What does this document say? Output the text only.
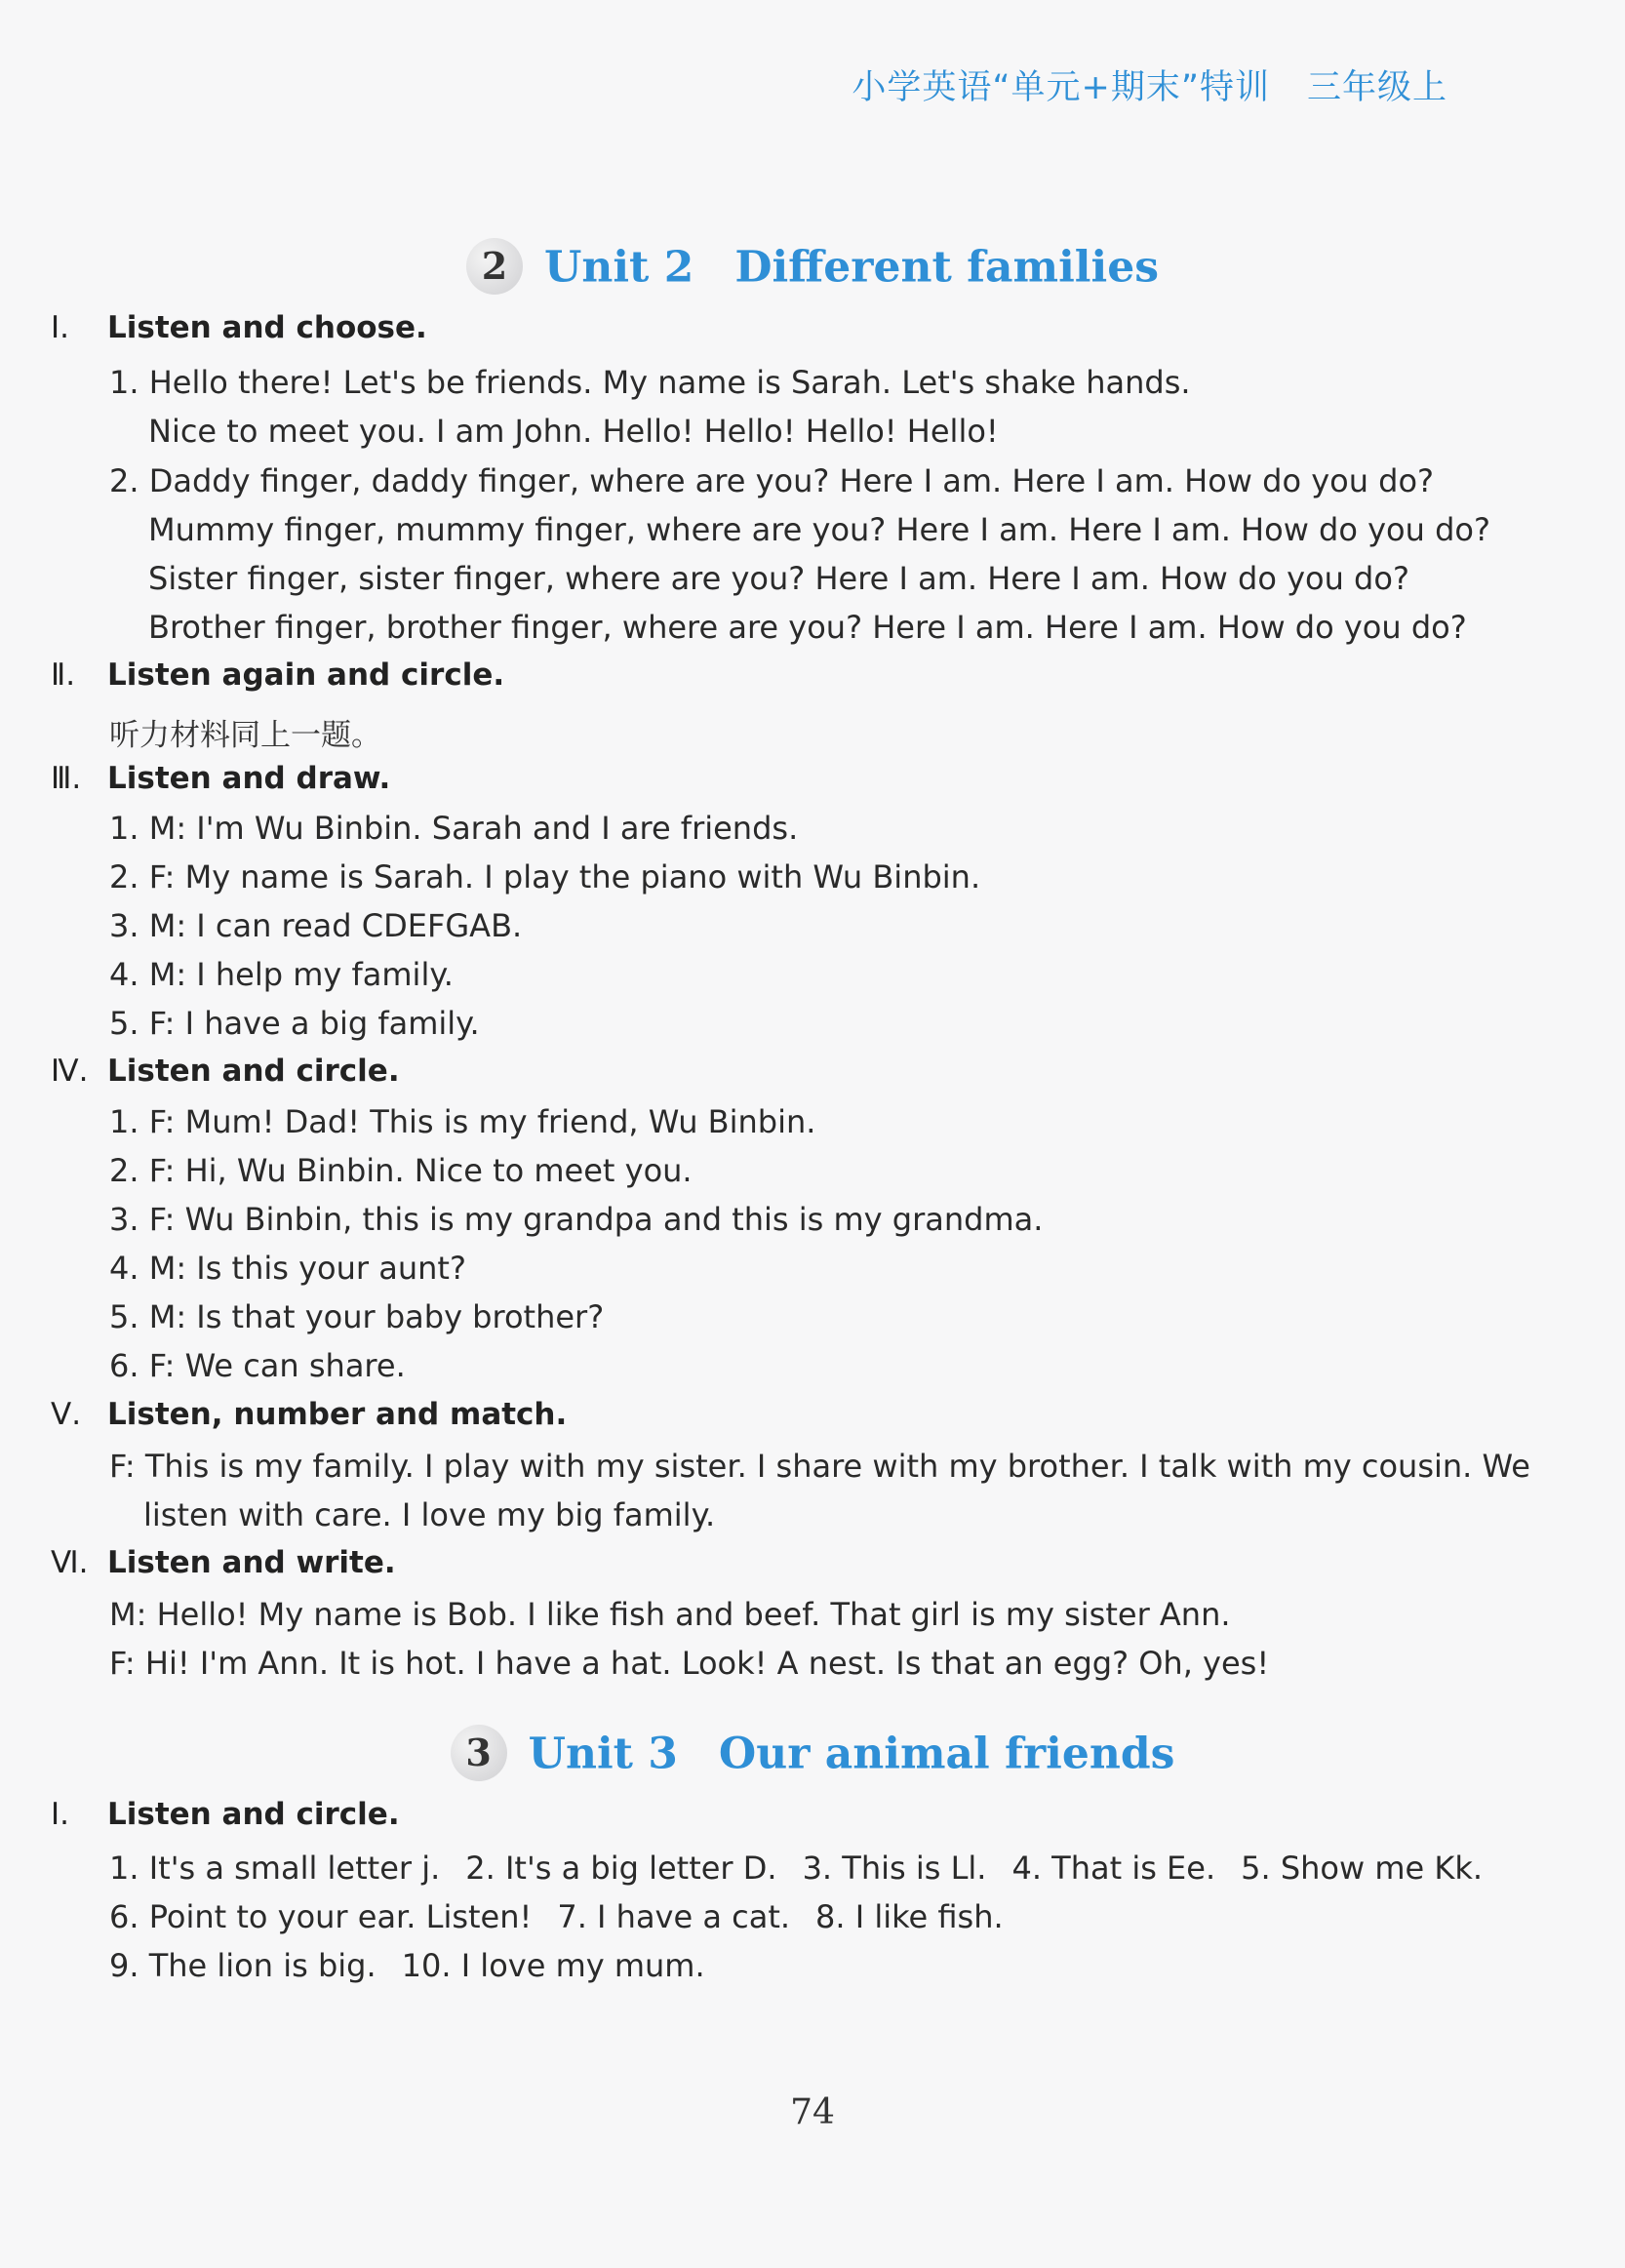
小学英语“单元+期末”特训 三年级上
2 Unit 2 Different families
Ⅰ. Listen and choose.
1. Hello there! Let's be friends. My name is Sarah. Let's shake hands.
Nice to meet you. I am John. Hello! Hello! Hello! Hello!
2. Daddy finger, daddy finger, where are you? Here I am. Here I am. How do you do?
Mummy finger, mummy finger, where are you? Here I am. Here I am. How do you do?
Sister finger, sister finger, where are you? Here I am. Here I am. How do you do?
Brother finger, brother finger, where are you? Here I am. Here I am. How do you do?
Ⅱ. Listen again and circle.
听力材料同上一题。
Ⅲ. Listen and draw.
1. M: I'm Wu Binbin. Sarah and I are friends.
2. F: My name is Sarah. I play the piano with Wu Binbin.
3. M: I can read CDEFGAB.
4. M: I help my family.
5. F: I have a big family.
Ⅳ. Listen and circle.
1. F: Mum! Dad! This is my friend, Wu Binbin.
2. F: Hi, Wu Binbin. Nice to meet you.
3. F: Wu Binbin, this is my grandpa and this is my grandma.
4. M: Is this your aunt?
5. M: Is that your baby brother?
6. F: We can share.
Ⅴ. Listen, number and match.
F: This is my family. I play with my sister. I share with my brother. I talk with my cousin. We
listen with care. I love my big family.
Ⅵ. Listen and write.
M: Hello! My name is Bob. I like fish and beef. That girl is my sister Ann.
F: Hi! I'm Ann. It is hot. I have a hat. Look! A nest. Is that an egg? Oh, yes!
3 Unit 3 Our animal friends
Ⅰ. Listen and circle.
1. It's a small letter j. 2. It's a big letter D. 3. This is Ll. 4. That is Ee. 5. Show me Kk.
6. Point to your ear. Listen! 7. I have a cat. 8. I like fish.
9. The lion is big. 10. I love my mum.
74
